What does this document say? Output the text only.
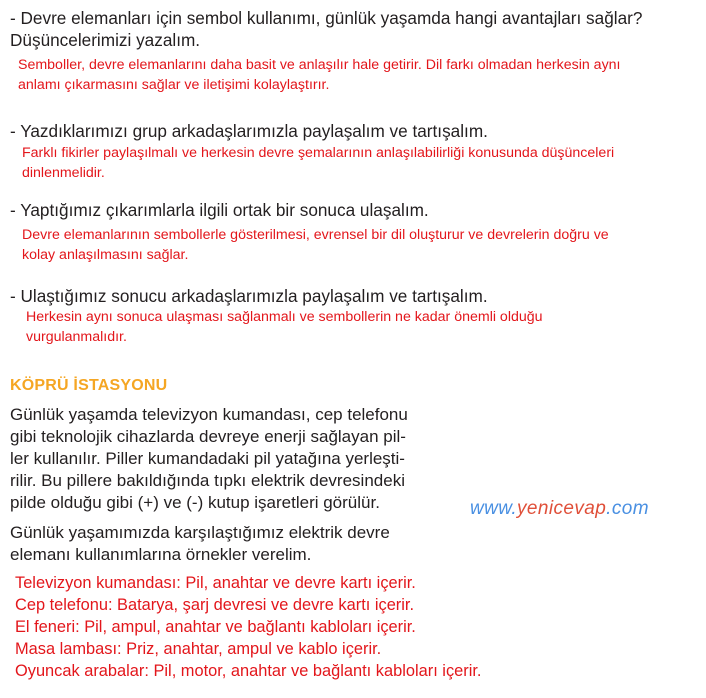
- Devre elemanları için sembol kullanımı, günlük yaşamda hangi avantajları sağlar?
Düşüncelerimizi yazalım.
Semboller, devre elemanlarını daha basit ve anlaşılır hale getirir. Dil farkı olmadan herkesin aynı
anlamı çıkarmasını sağlar ve iletişimi kolaylaştırır.
- Yazdıklarımızı grup arkadaşlarımızla paylaşalım ve tartışalım.
Farklı fikirler paylaşılmalı ve herkesin devre şemalarının anlaşılabilirliği konusunda düşünceleri
dinlenmelidir.
- Yaptığımız çıkarımlarla ilgili ortak bir sonuca ulaşalım.
Devre elemanlarının sembollerle gösterilmesi, evrensel bir dil oluşturur ve devrelerin doğru ve
kolay anlaşılmasını sağlar.
- Ulaştığımız sonucu arkadaşlarımızla paylaşalım ve tartışalım.
Herkesin aynı sonuca ulaşması sağlanmalı ve sembollerin ne kadar önemli olduğu
vurgulanmalıdır.
KÖPRÜ İSTASYONU
Günlük yaşamda televizyon kumandası, cep telefonu
gibi teknolojik cihazlarda devreye enerji sağlayan pil-
ler kullanılır. Piller kumandadaki pil yatağına yerleşti-
rilir. Bu pillere bakıldığında tıpkı elektrik devresindeki
pilde olduğu gibi (+) ve (-) kutup işaretleri görülür.
Günlük yaşamımızda karşılaştığımız elektrik devre
elemanı kullanımlarına örnekler verelim.
Televizyon kumandası: Pil, anahtar ve devre kartı içerir.
Cep telefonu: Batarya, şarj devresi ve devre kartı içerir.
El feneri: Pil, ampul, anahtar ve bağlantı kabloları içerir.
Masa lambası: Priz, anahtar, ampul ve kablo içerir.
Oyuncak arabalar: Pil, motor, anahtar ve bağlantı kabloları içerir.
www.yenicevap.com
